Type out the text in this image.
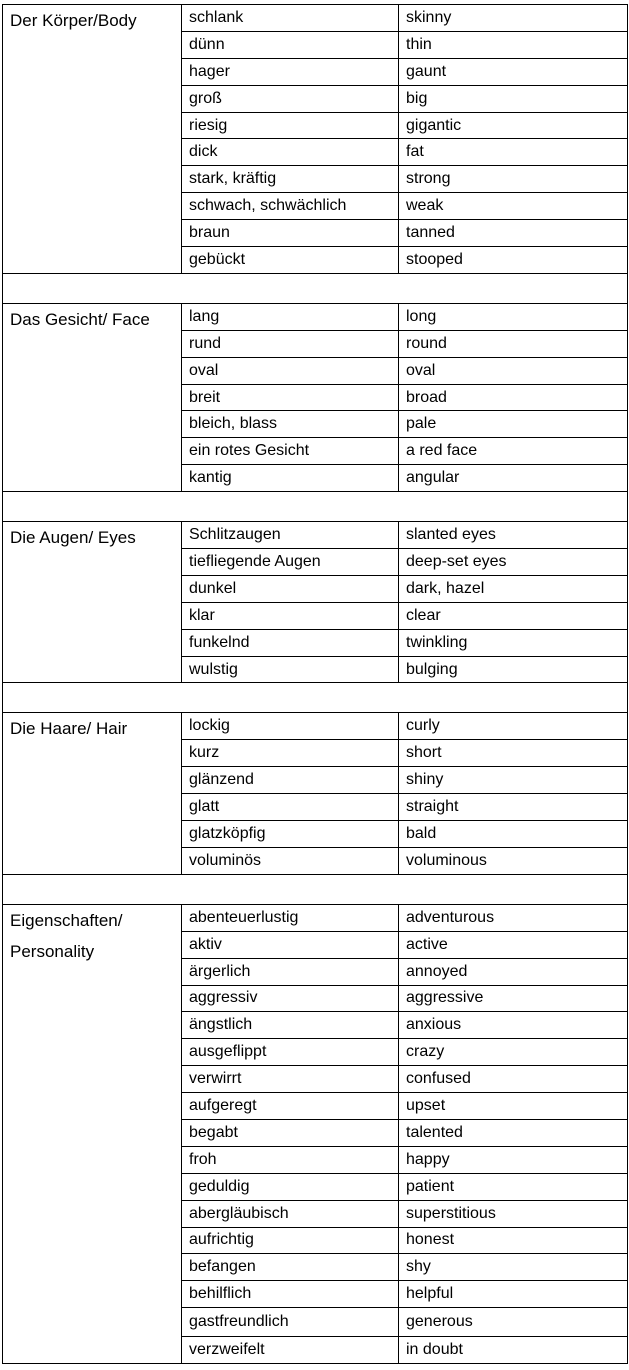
Der Körper/Body	schlank	skinny
	dünn	thin
	hager	gaunt
	groß	big
	riesig	gigantic
	dick	fat
	stark, kräftig	strong
	schwach, schwächlich	weak
	braun	tanned
	gebückt	stooped

Das Gesicht/ Face	lang	long
	rund	round
	oval	oval
	breit	broad
	bleich, blass	pale
	ein rotes Gesicht	a red face
	kantig	angular

Die Augen/ Eyes	Schlitzaugen	slanted eyes
	tiefliegende Augen	deep-set eyes
	dunkel	dark, hazel
	klar	clear
	funkelnd	twinkling
	wulstig	bulging

Die Haare/ Hair	lockig	curly
	kurz	short
	glänzend	shiny
	glatt	straight
	glatzköpfig	bald
	voluminös	voluminous

Eigenschaften/ Personality	abenteuerlustig	adventurous
	aktiv	active
	ärgerlich	annoyed
	aggressiv	aggressive
	ängstlich	anxious
	ausgeflippt	crazy
	verwirrt	confused
	aufgeregt	upset
	begabt	talented
	froh	happy
	geduldig	patient
	abergläubisch	superstitious
	aufrichtig	honest
	befangen	shy
	behilflich	helpful
	gastfreundlich	generous
	verzweifelt	in doubt
